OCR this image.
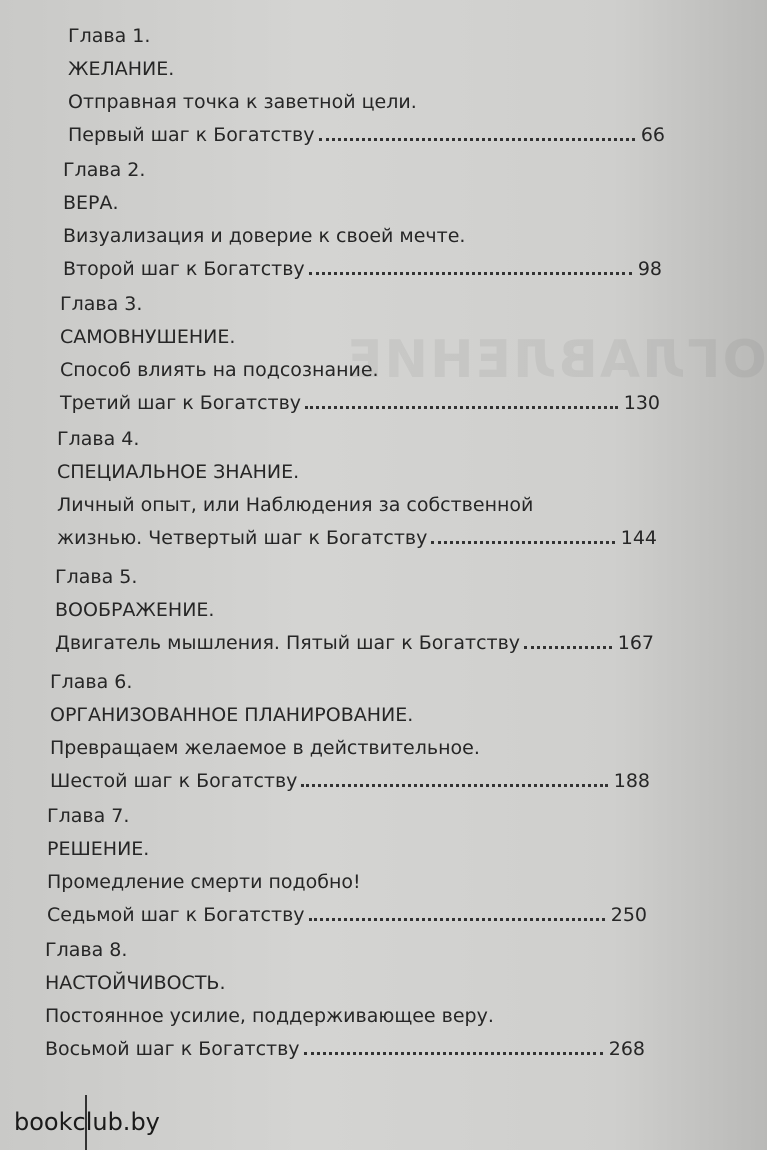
ОГЛАВЛЕНИЕ
Глава 1.
ЖЕЛАНИЕ.
Отправная точка к заветной цели.
Первый шаг к Богатству	66
Глава 2.
ВЕРА.
Визуализация и доверие к своей мечте.
Второй шаг к Богатству	98
Глава 3.
САМОВНУШЕНИЕ.
Способ влиять на подсознание.
Третий шаг к Богатству	130
Глава 4.
СПЕЦИАЛЬНОЕ ЗНАНИЕ.
Личный опыт, или Наблюдения за собственной
жизнью. Четвертый шаг к Богатству	144
Глава 5.
ВООБРАЖЕНИЕ.
Двигатель мышления. Пятый шаг к Богатству	167
Глава 6.
ОРГАНИЗОВАННОЕ ПЛАНИРОВАНИЕ.
Превращаем желаемое в действительное.
Шестой шаг к Богатству	188
Глава 7.
РЕШЕНИЕ.
Промедление смерти подобно!
Седьмой шаг к Богатству	250
Глава 8.
НАСТОЙЧИВОСТЬ.
Постоянное усилие, поддерживающее веру.
Восьмой шаг к Богатству	268
bookclub.by
